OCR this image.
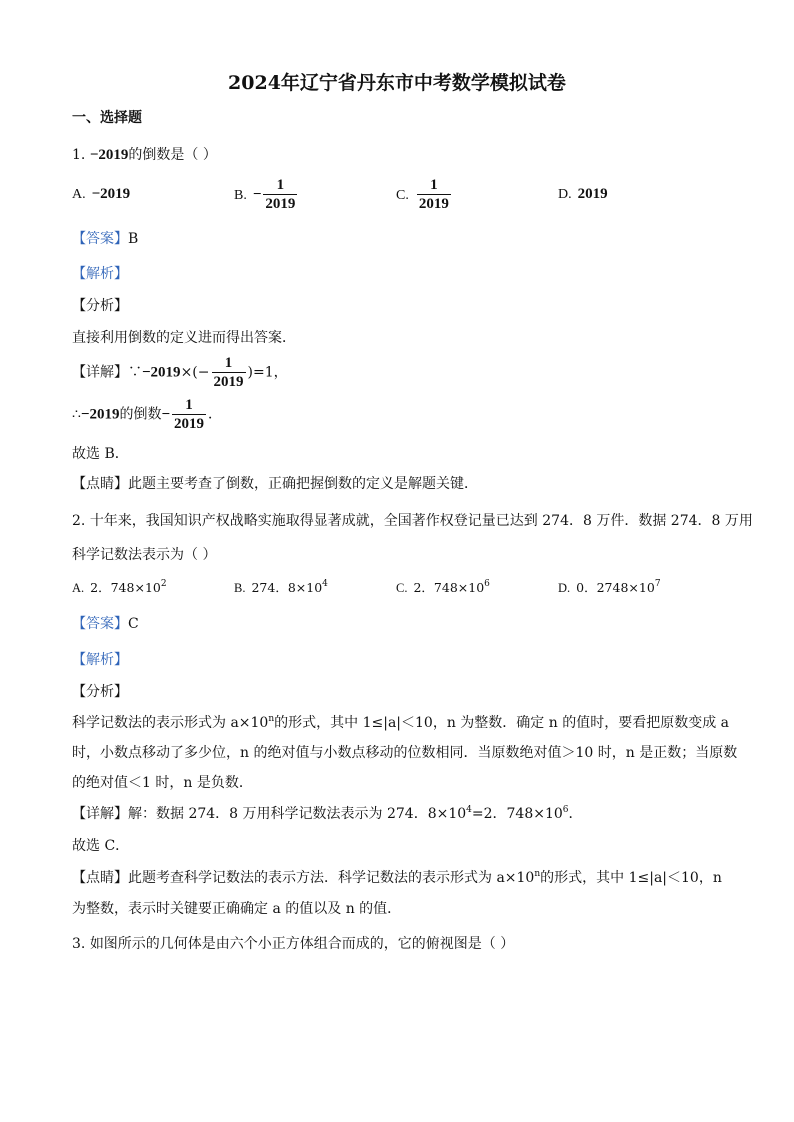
2024年辽宁省丹东市中考数学模拟试卷
一、选择题
1. −2019的倒数是（ ）
A. −2019	B. − $\frac{1}{2019}$	C. $\frac{1}{2019}$	D. 2019
【答案】B
【解析】
【分析】
直接利用倒数的定义进而得出答案．
【详解】∵−2019×(− $\frac{1}{2019} )=1$，
∴−2019的倒数− $\frac{1}{2019}$ ．
故选 B．
【点睛】此题主要考查了倒数，正确把握倒数的定义是解题关键．
2. 十年来，我国知识产权战略实施取得显著成就，全国著作权登记量已达到 274．8 万件．数据 274．8 万用
科学记数法表示为（ ）
A. 2．$748\times 10^2$	B. 274．$8\times 10^4$	C. 2．$748\times 10^6$	D. 0．$2748\times 10^7$
【答案】C
【解析】
【分析】
科学记数法的表示形式为 $a\times 10^n$的形式，其中 1≤|a|＜10，n 为整数．确定 n 的值时，要看把原数变成 a
时，小数点移动了多少位，n 的绝对值与小数点移动的位数相同．当原数绝对值＞10 时，n 是正数；当原数
的绝对值＜1 时，n 是负数．
【详解】解：数据 274．8 万用科学记数法表示为 274．$8\times 10^4=2$．$748\times 10^6$．
故选 C．
【点睛】此题考查科学记数法的表示方法．科学记数法的表示形式为 $a\times 10^n$的形式，其中 1≤|a|＜10，n
为整数，表示时关键要正确确定 a 的值以及 n 的值．
3. 如图所示的几何体是由六个小正方体组合而成的，它的俯视图是（ ）
